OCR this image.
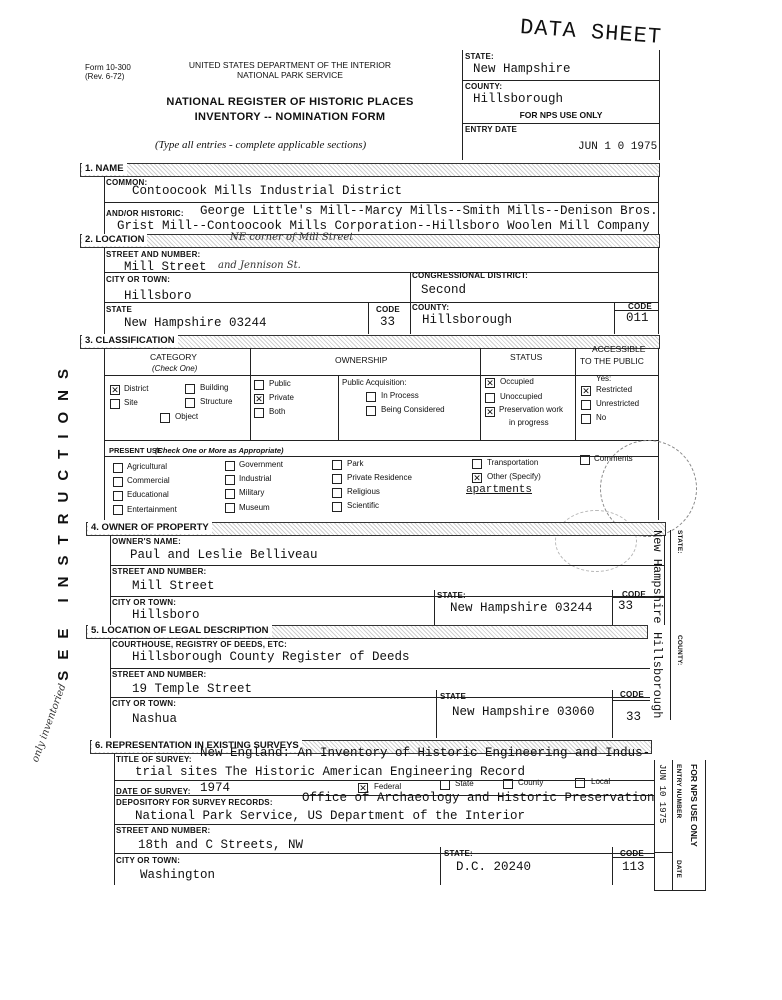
Form 10-300
(Rev. 6-72)
UNITED STATES DEPARTMENT OF THE INTERIOR
NATIONAL PARK SERVICE
NATIONAL REGISTER OF HISTORIC PLACES
INVENTORY -- NOMINATION FORM
(Type all entries - complete applicable sections)
DATA SHEET
STATE:
New Hampshire
COUNTY:
Hillsborough
FOR NPS USE ONLY
ENTRY DATE
JUN 1 0 1975
SEE INSTRUCTIONS
1. NAME
COMMON:
Contoocook Mills Industrial District
AND/OR HISTORIC: George Little's Mill--Marcy Mills--Smith Mills--Denison Bros.
Grist Mill--Contoocook Mills Corporation--Hillsboro Woolen Mill Company
2. LOCATION	NE corner of Mill Street
STREET AND NUMBER:
Mill Street and Jennison St.
CITY OR TOWN:
Hillsboro
CONGRESSIONAL DISTRICT:
Second
STATE
New Hampshire 03244
CODE
33
COUNTY:
Hillsborough
CODE
011
3. CLASSIFICATION
CATEGORY
(Check One)
OWNERSHIP	STATUS
ACCESSIBLE
TO THE PUBLIC
✕ District	Building
Site	Structure
Object
Public
✕ Private
Both
Public Acquisition:
In Process
Being Considered
✕ Occupied
Unoccupied
✕ Preservation work
in progress
Yes:
✕ Restricted
Unrestricted
No
PRESENT USE
(Check One or More as Appropriate)
Agricultural
Commercial
Educational
Entertainment
Government
Industrial
Military
Museum
Park
Private Residence
Religious
Scientific
Transportation
✕ Other (Specify)
apartments
Comments
4. OWNER OF PROPERTY
OWNER'S NAME:
Paul and Leslie Belliveau
STREET AND NUMBER:
Mill Street
CITY OR TOWN:
Hillsboro
STATE:
New Hampshire 03244
CODE
33
STATE:
New Hampshire
COUNTY:
Hillsborough
5. LOCATION OF LEGAL DESCRIPTION
COURTHOUSE, REGISTRY OF DEEDS, ETC:
Hillsborough County Register of Deeds
STREET AND NUMBER:
19 Temple Street
CITY OR TOWN:
Nashua
STATE
New Hampshire 03060
CODE
33
6. REPRESENTATION IN EXISTING SURVEYS
TITLE OF SURVEY: New England: An Inventory of Historic Engineering and Indus-
trial sites The Historic American Engineering Record
DATE OF SURVEY: 1974	✕ Federal	State	County	Local
DEPOSITORY FOR SURVEY RECORDS: Office of Archaeology and Historic Preservation
National Park Service, US Department of the Interior
STREET AND NUMBER:
18th and C Streets, NW
CITY OR TOWN:
Washington
STATE:
D.C. 20240
CODE
113
ENTRY NUMBER FOR NPS USE ONLY
DATE
JUN 10 1975
only inventoried
